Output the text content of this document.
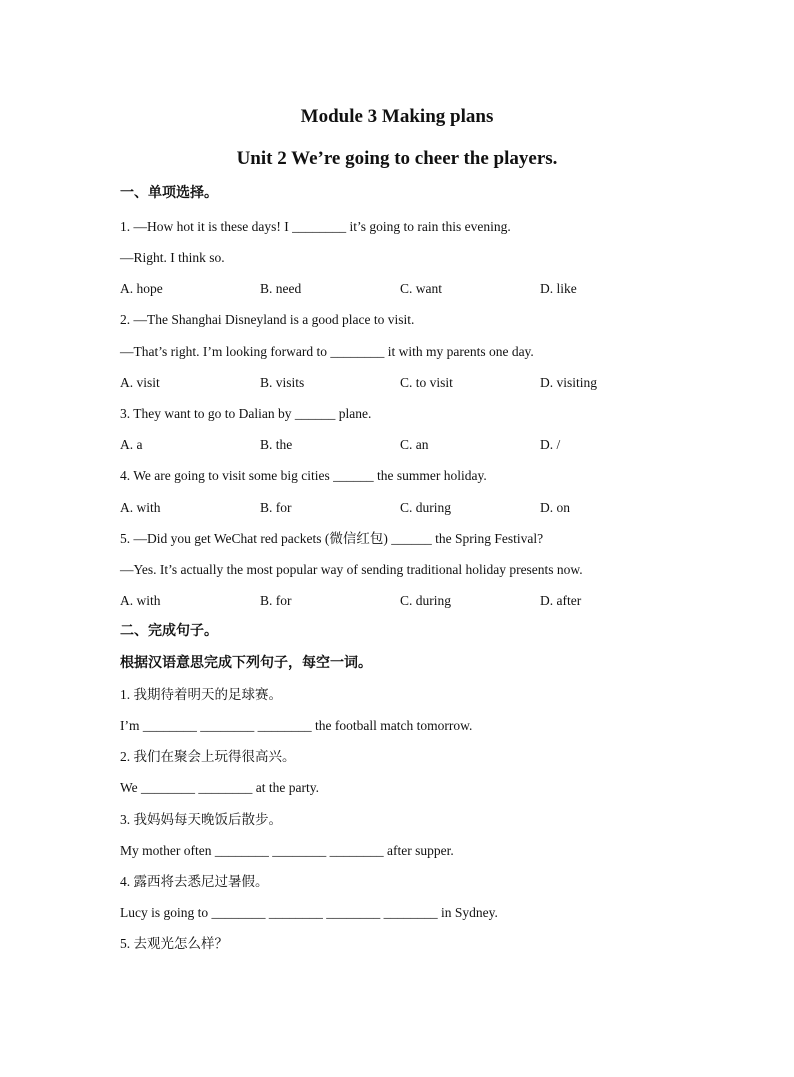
Module 3 Making plans
Unit 2 We’re going to cheer the players.
一、单项选择。
1. —How hot it is these days! I ________ it’s going to rain this evening.
—Right. I think so.
A. hope	B. need	C. want	D. like
2. —The Shanghai Disneyland is a good place to visit.
—That’s right. I’m looking forward to ________ it with my parents one day.
A. visit	B. visits	C. to visit	D. visiting
3. They want to go to Dalian by ______ plane.
A. a	B. the	C. an	D. /
4. We are going to visit some big cities ______ the summer holiday.
A. with	B. for	C. during	D. on
5. —Did you get WeChat red packets (微信红包) ______ the Spring Festival?
—Yes. It’s actually the most popular way of sending traditional holiday presents now.
A. with	B. for	C. during	D. after
二、完成句子。
根据汉语意思完成下列句子，每空一词。
1. 我期待着明天的足球赛。
I’m ________ ________ ________ the football match tomorrow.
2. 我们在聚会上玩得很高兴。
We ________ ________ at the party.
3. 我妈妈每天晚饭后散步。
My mother often ________ ________ ________ after supper.
4. 露西将去悉尼过暑假。
Lucy is going to ________ ________ ________ ________ in Sydney.
5. 去观光怎么样？
